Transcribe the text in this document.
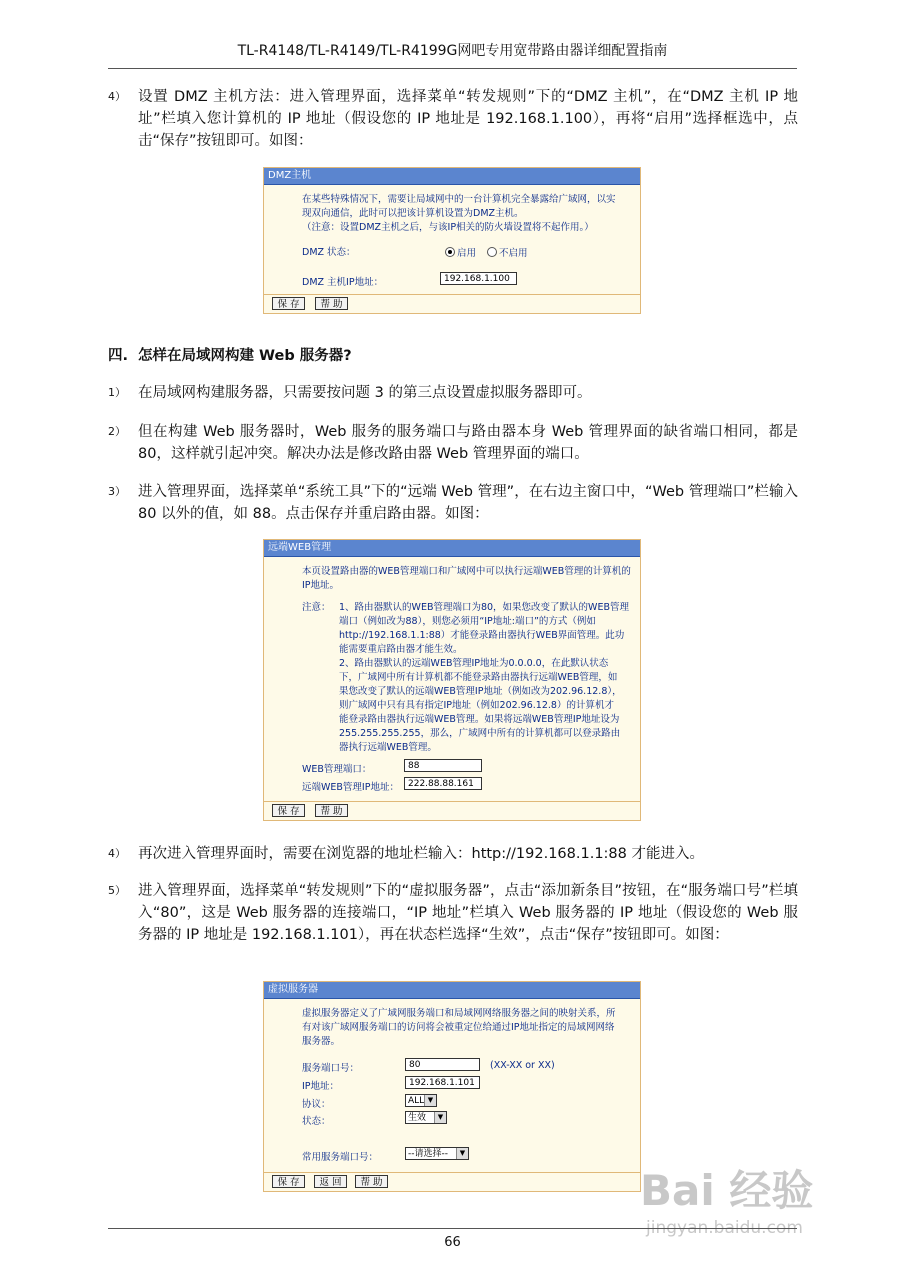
TL-R4148/TL-R4149/TL-R4199G网吧专用宽带路由器详细配置指南
4） 设置 DMZ 主机方法：进入管理界面，选择菜单“转发规则”下的“DMZ 主机”，在“DMZ 主机 IP 地址”栏填入您计算机的 IP 地址（假设您的 IP 地址是 192.168.1.100），再将“启用”选择框选中，点击“保存”按钮即可。如图：
DMZ主机
在某些特殊情况下，需要让局域网中的一台计算机完全暴露给广域网，以实
现双向通信，此时可以把该计算机设置为DMZ主机。
（注意：设置DMZ主机之后，与该IP相关的防火墙设置将不起作用。）
DMZ 状态：	启用 不启用
DMZ 主机IP地址：	192.168.1.100
保 存	帮 助
四. 怎样在局域网构建 Web 服务器?
1） 在局域网构建服务器，只需要按问题 3 的第三点设置虚拟服务器即可。
2） 但在构建 Web 服务器时，Web 服务的服务端口与路由器本身 Web 管理界面的缺省端口相同，都是 80，这样就引起冲突。解决办法是修改路由器 Web 管理界面的端口。
3） 进入管理界面，选择菜单“系统工具”下的“远端 Web 管理”，在右边主窗口中，“Web 管理端口”栏输入 80 以外的值，如 88。点击保存并重启路由器。如图：
远端WEB管理
本页设置路由器的WEB管理端口和广域网中可以执行远端WEB管理的计算机的
IP地址。
注意： 1、路由器默认的WEB管理端口为80，如果您改变了默认的WEB管理
端口（例如改为88），则您必须用“IP地址:端口”的方式（例如
http://192.168.1.1:88）才能登录路由器执行WEB界面管理。此功
能需要重启路由器才能生效。
2、路由器默认的远端WEB管理IP地址为0.0.0.0，在此默认状态
下，广域网中所有计算机都不能登录路由器执行远端WEB管理，如
果您改变了默认的远端WEB管理IP地址（例如改为202.96.12.8），
则广域网中只有具有指定IP地址（例如202.96.12.8）的计算机才
能登录路由器执行远端WEB管理。如果将远端WEB管理IP地址设为
255.255.255.255，那么，广域网中所有的计算机都可以登录路由
器执行远端WEB管理。
WEB管理端口：	88
远端WEB管理IP地址：	222.88.88.161
保 存	帮 助
4） 再次进入管理界面时，需要在浏览器的地址栏输入：http://192.168.1.1:88 才能进入。
5） 进入管理界面，选择菜单“转发规则”下的“虚拟服务器”，点击“添加新条目”按钮，在“服务端口号”栏填入“80”，这是 Web 服务器的连接端口，“IP 地址”栏填入 Web 服务器的 IP 地址（假设您的 Web 服务器的 IP 地址是 192.168.1.101），再在状态栏选择“生效”，点击“保存”按钮即可。如图：
虚拟服务器
虚拟服务器定义了广域网服务端口和局域网网络服务器之间的映射关系，所
有对该广域网服务端口的访问将会被重定位给通过IP地址指定的局域网网络
服务器。
服务端口号：	80	(XX-XX or XX)
IP地址：	192.168.1.101
协议：	ALL ▼
状态：	生效	▼
常用服务端口号：	--请选择--	▼
保 存	返 回	帮 助	Bai 经验
jingyan.baidu.com
66
